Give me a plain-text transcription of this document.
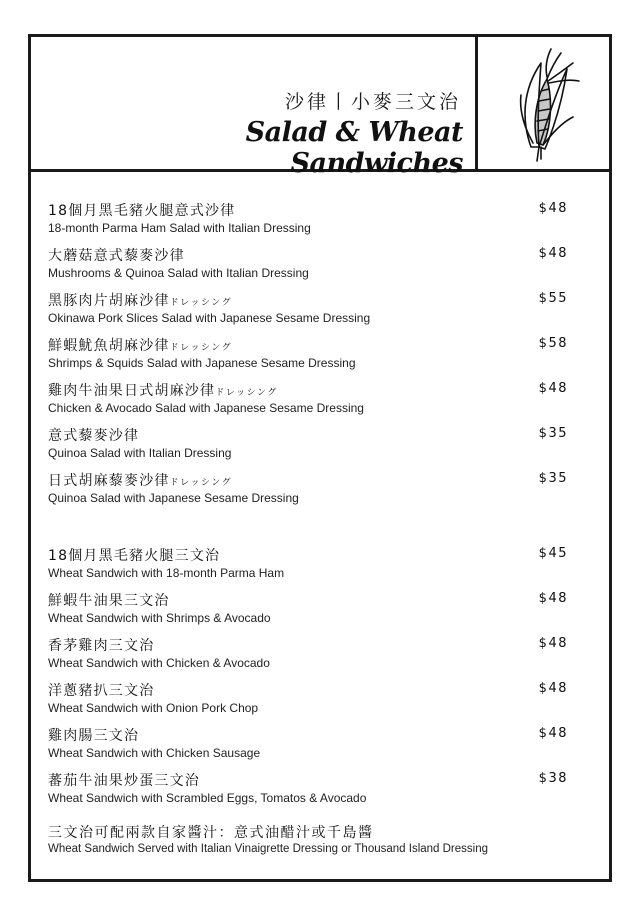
沙律丨小麥三文治
Salad & Wheat Sandwiches
18個月黑毛豬火腿意式沙律
18-month Parma Ham Salad with Italian Dressing
$48
大蘑菇意式藜麥沙律
Mushrooms & Quinoa Salad with Italian Dressing
$48
黑豚肉片胡麻沙律ドレッシング
Okinawa Pork Slices Salad with Japanese Sesame Dressing
$55
鮮蝦魷魚胡麻沙律ドレッシング
Shrimps & Squids Salad with Japanese Sesame Dressing
$58
雞肉牛油果日式胡麻沙律ドレッシング
Chicken & Avocado Salad with Japanese Sesame Dressing
$48
意式藜麥沙律
Quinoa Salad with Italian Dressing
$35
日式胡麻藜麥沙律ドレッシング
Quinoa Salad with Japanese Sesame Dressing
$35
18個月黑毛豬火腿三文治
Wheat Sandwich with 18-month Parma Ham
$45
鮮蝦牛油果三文治
Wheat Sandwich with Shrimps & Avocado
$48
香茅雞肉三文治
Wheat Sandwich with Chicken & Avocado
$48
洋蔥豬扒三文治
Wheat Sandwich with Onion Pork Chop
$48
雞肉腸三文治
Wheat Sandwich with Chicken Sausage
$48
蕃茄牛油果炒蛋三文治
Wheat Sandwich with Scrambled Eggs, Tomatos & Avocado
$38
三文治可配兩款自家醬汁：意式油醋汁或千島醬
Wheat Sandwich Served with Italian Vinaigrette Dressing or Thousand Island Dressing
